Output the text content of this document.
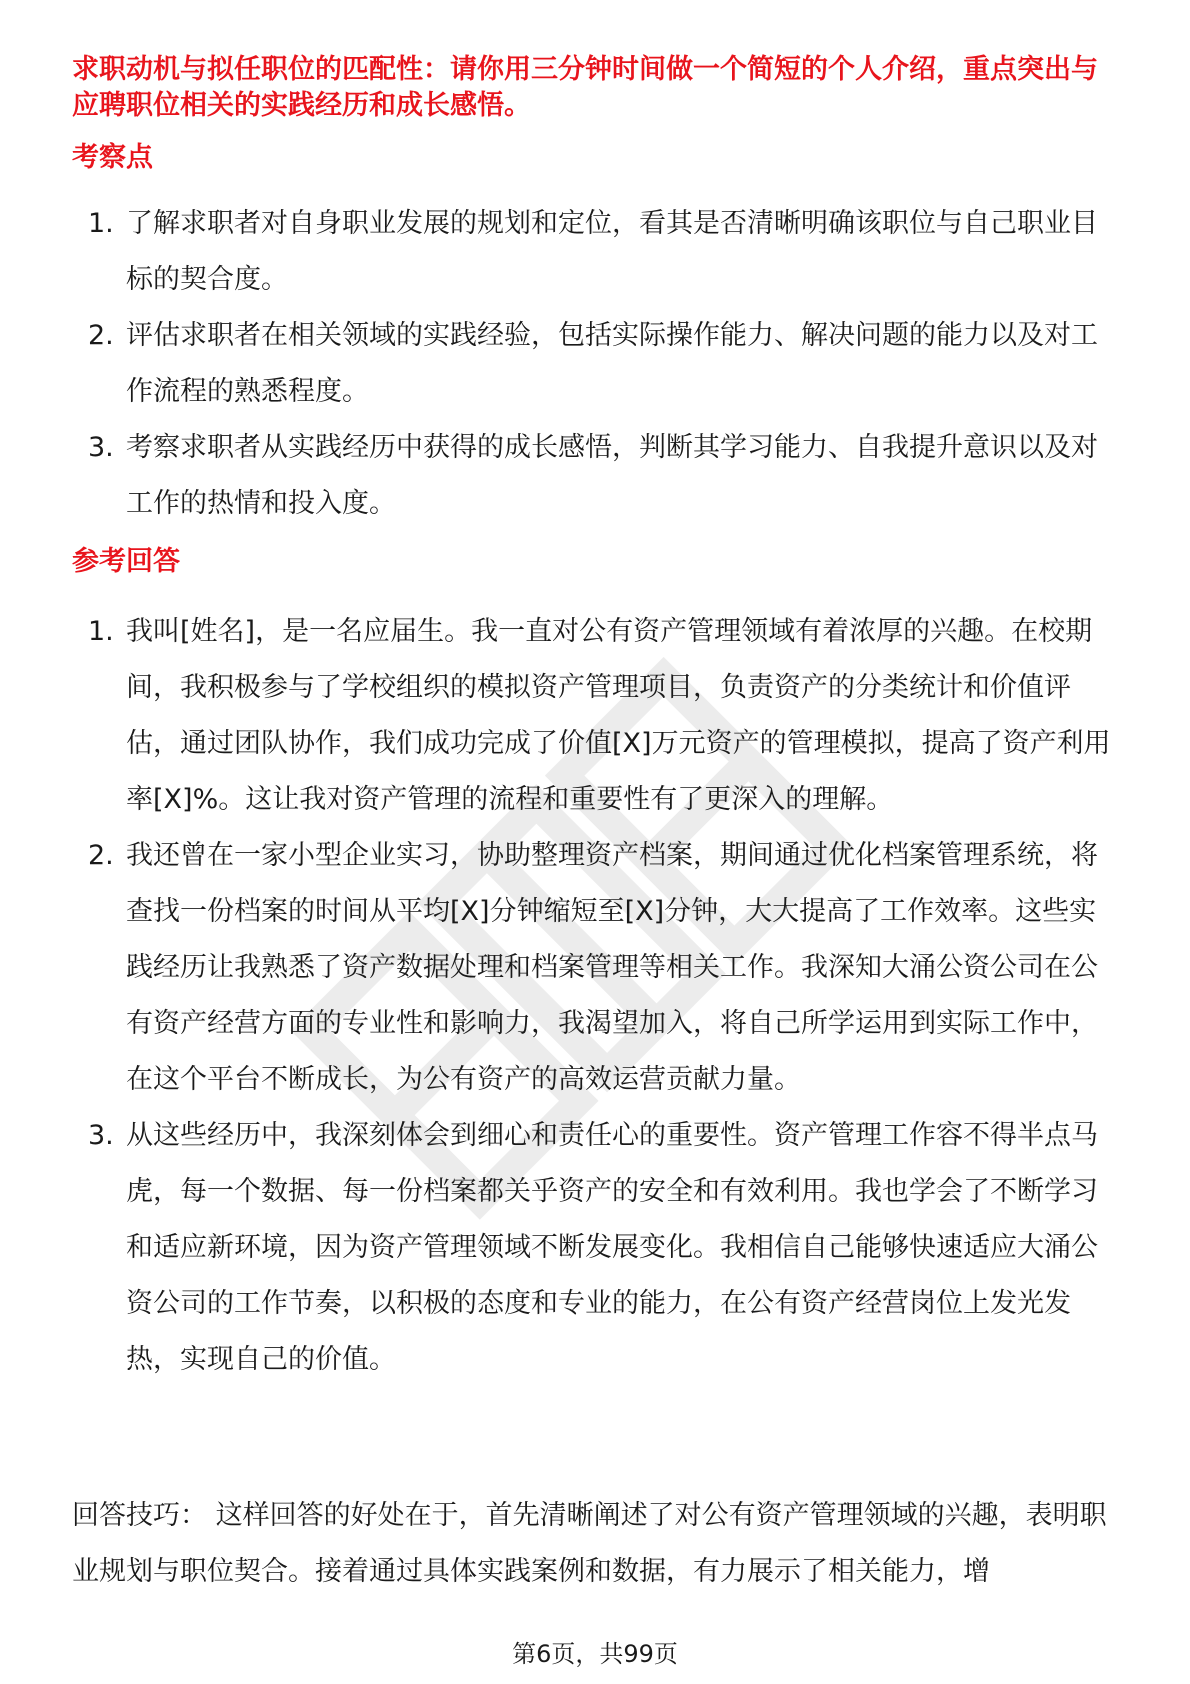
求职动机与拟任职位的匹配性：请你用三分钟时间做一个简短的个人介绍，重点突出与应聘职位相关的实践经历和成长感悟。
考察点
1. 了解求职者对自身职业发展的规划和定位，看其是否清晰明确该职位与自己职业目标的契合度。
2. 评估求职者在相关领域的实践经验，包括实际操作能力、解决问题的能力以及对工作流程的熟悉程度。
3. 考察求职者从实践经历中获得的成长感悟，判断其学习能力、自我提升意识以及对工作的热情和投入度。
参考回答
1. 我叫[姓名]，是一名应届生。我一直对公有资产管理领域有着浓厚的兴趣。在校期间，我积极参与了学校组织的模拟资产管理项目，负责资产的分类统计和价值评估，通过团队协作，我们成功完成了价值[X]万元资产的管理模拟，提高了资产利用率[X]%。这让我对资产管理的流程和重要性有了更深入的理解。
2. 我还曾在一家小型企业实习，协助整理资产档案，期间通过优化档案管理系统，将查找一份档案的时间从平均[X]分钟缩短至[X]分钟，大大提高了工作效率。这些实践经历让我熟悉了资产数据处理和档案管理等相关工作。我深知大涌公资公司在公有资产经营方面的专业性和影响力，我渴望加入，将自己所学运用到实际工作中，在这个平台不断成长，为公有资产的高效运营贡献力量。
3. 从这些经历中，我深刻体会到细心和责任心的重要性。资产管理工作容不得半点马虎，每一个数据、每一份档案都关乎资产的安全和有效利用。我也学会了不断学习和适应新环境，因为资产管理领域不断发展变化。我相信自己能够快速适应大涌公资公司的工作节奏，以积极的态度和专业的能力，在公有资产经营岗位上发光发热，实现自己的价值。
回答技巧： 这样回答的好处在于，首先清晰阐述了对公有资产管理领域的兴趣，表明职业规划与职位契合。接着通过具体实践案例和数据，有力展示了相关能力，增
第6页，共99页
